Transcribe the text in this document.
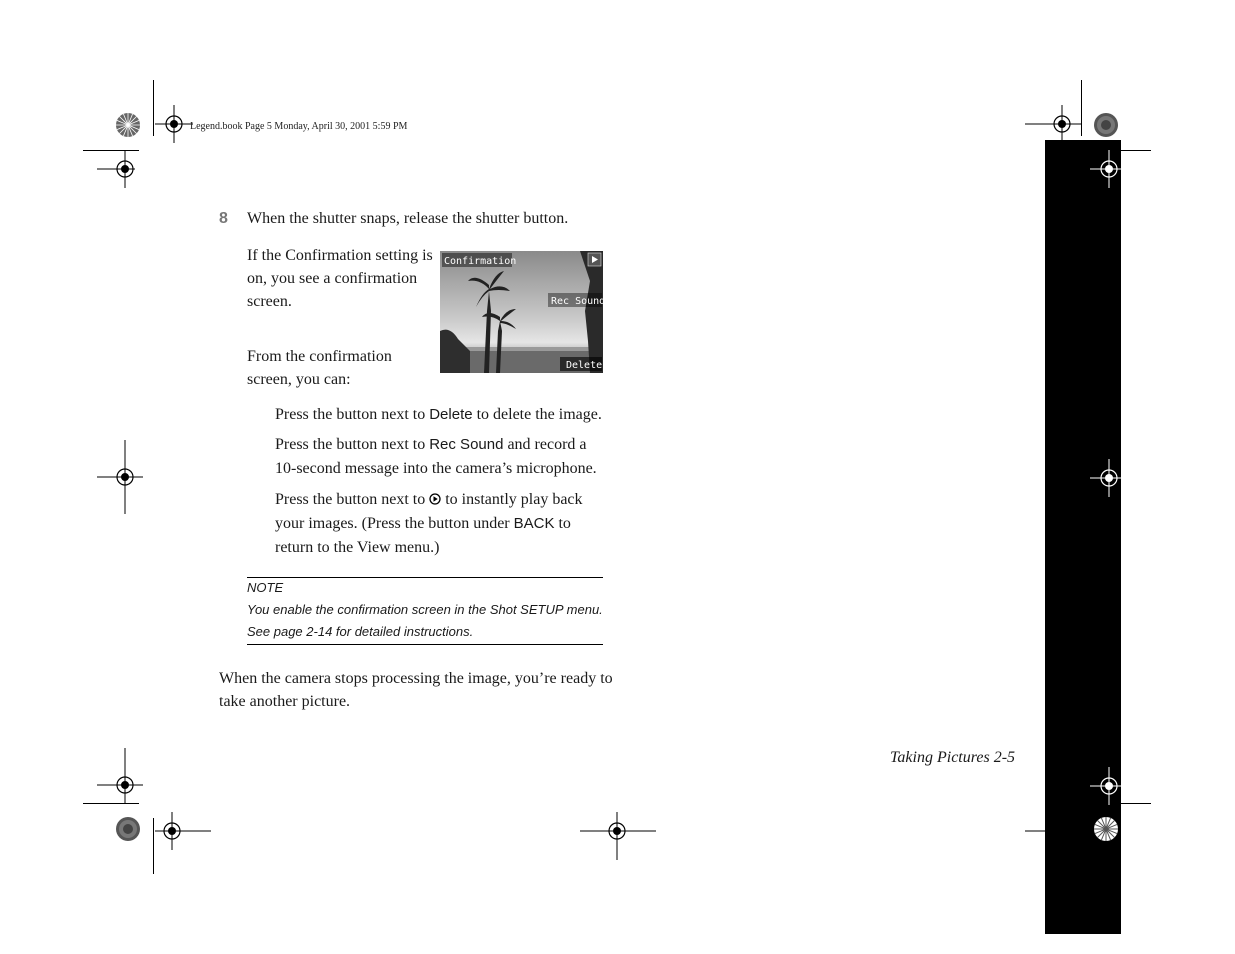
Legend.book Page 5 Monday, April 30, 2001 5:59 PM
8 When the shutter snaps, release the shutter button.
If the Confirmation setting is on, you see a confirmation screen.
From the confirmation screen, you can:
Confirmation
Rec Sound
Delete
Press the button next to Delete to delete the image.
Press the button next to Rec Sound and record a 10-second message into the camera’s microphone.
Press the button next to  to instantly play back your images. (Press the button under BACK to return to the View menu.)
NOTE
You enable the confirmation screen in the Shot SETUP menu. See page 2-14 for detailed instructions.
When the camera stops processing the image, you’re ready to take another picture.
Taking Pictures 2-5
